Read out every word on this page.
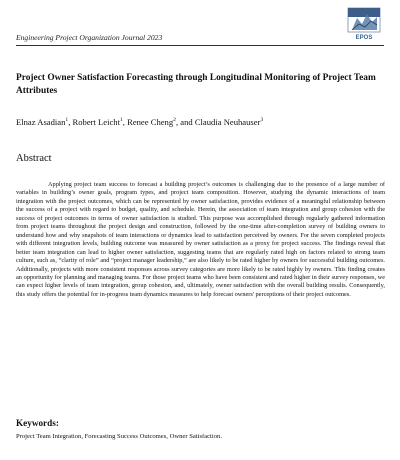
Engineering Project Organization Journal 2023	EPOS
Project Owner Satisfaction Forecasting through Longitudinal Monitoring of Project Team Attributes

Elnaz Asadian$^1$, Robert Leicht$^1$, Renee Cheng$^2$, and Claudia Neuhauser$^3$

Abstract

Applying project team success to forecast a building project’s outcomes is challenging due to the presence of a large number of variables in building’s owner goals, program types, and project team composition. However, studying the dynamic interactions of team integration with the project outcomes, which can be represented by owner satisfaction, provides evidence of a meaningful relationship between the success of a project with regard to budget, quality, and schedule. Herein, the association of team integration and group cohesion with the success of project outcomes in terms of owner satisfaction is studied. This purpose was accomplished through regularly gathered information from project teams throughout the project design and construction, followed by the one-time after-completion survey of building owners to understand how and why snapshots of team interactions or dynamics lead to satisfaction perceived by owners. For the seven completed projects with different integration levels, building outcome was measured by owner satisfaction as a proxy for project success. The findings reveal that better team integration can lead to higher owner satisfaction, suggesting teams that are regularly rated high on factors related to strong team culture, such as, “clarity of role” and “project manager leadership,” are also likely to be rated higher by owners for successful building outcomes. Additionally, projects with more consistent responses across survey categories are more likely to be rated highly by owners. This finding creates an opportunity for planning and managing teams. For those project teams who have been consistent and rated higher in their survey responses, we can expect higher levels of team integration, group cohesion, and, ultimately, owner satisfaction with the overall building results. Consequently, this study offers the potential for in-progress team dynamics measures to help forecast owners' perceptions of their project outcomes.

Keywords:

Project Team Integration, Forecasting Success Outcomes, Owner Satisfaction.
